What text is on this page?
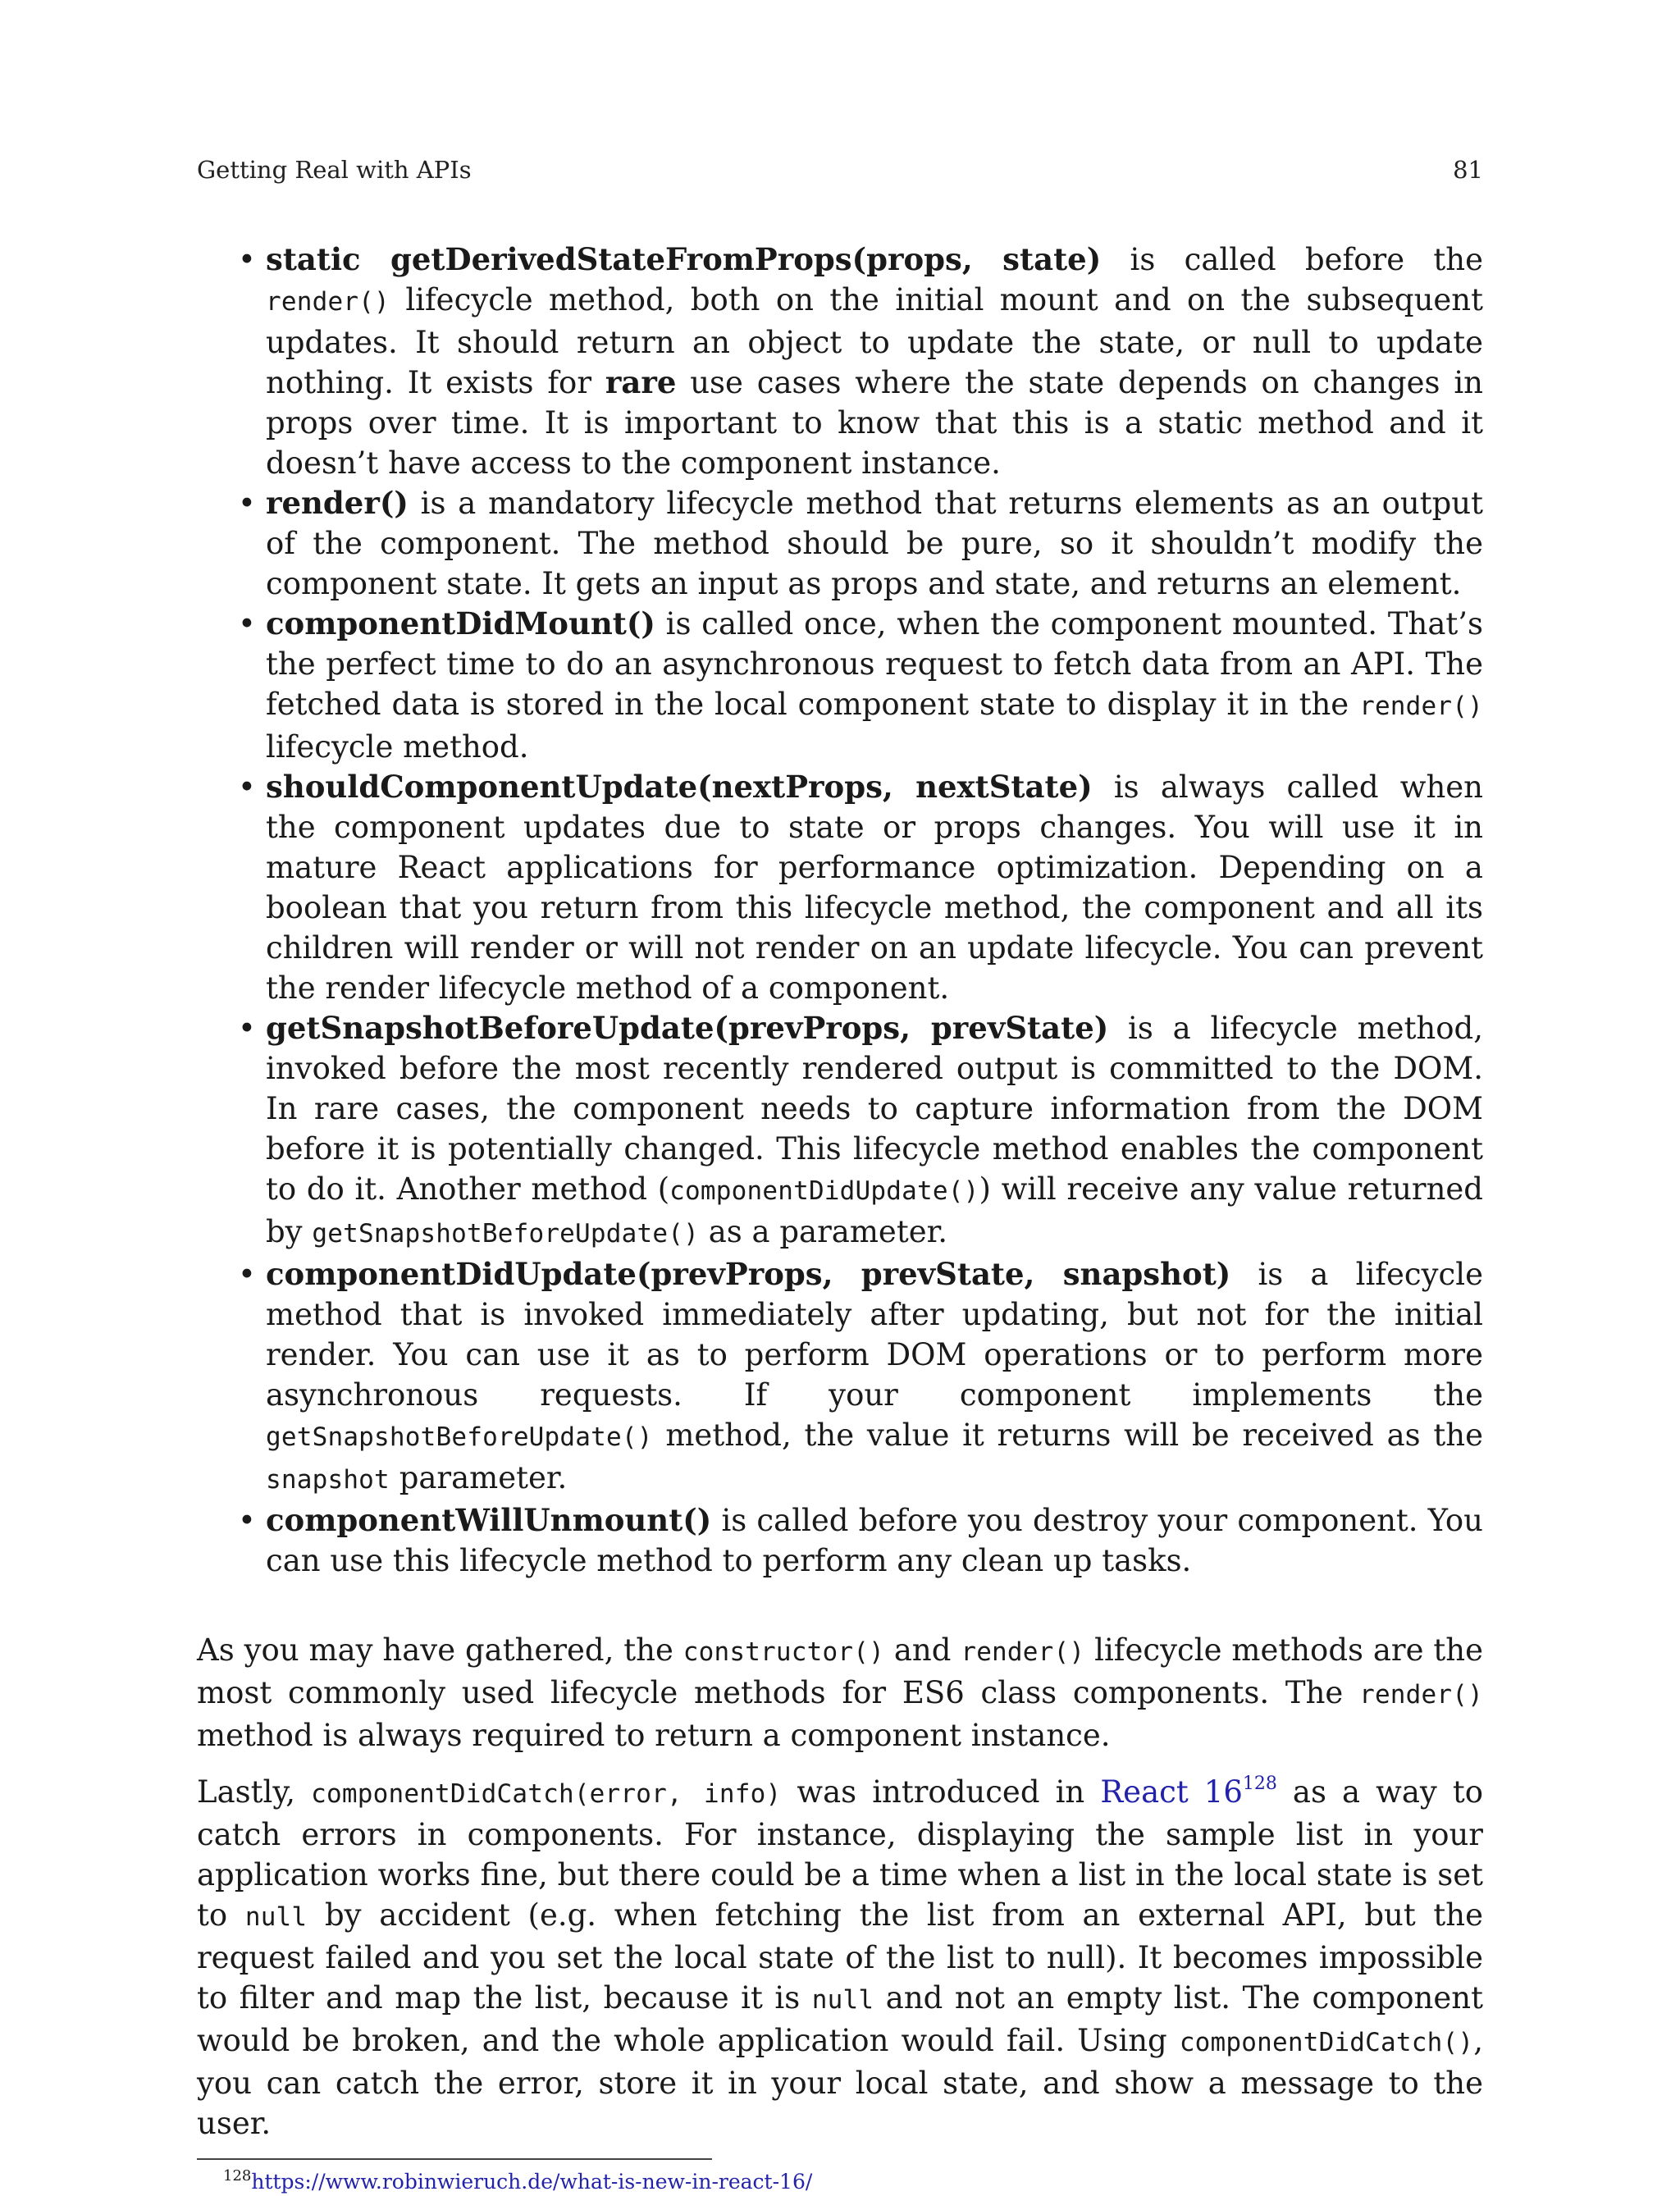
Getting Real with APIs	81
• static getDerivedStateFromProps(props, state) is called before the render() lifecycle method, both on the initial mount and on the subsequent updates. It should return an object to update the state, or null to update nothing. It exists for rare use cases where the state depends on changes in props over time. It is important to know that this is a static method and it doesn’t have access to the component instance.
• render() is a mandatory lifecycle method that returns elements as an output of the component. The method should be pure, so it shouldn’t modify the component state. It gets an input as props and state, and returns an element.
• componentDidMount() is called once, when the component mounted. That’s the perfect time to do an asynchronous request to fetch data from an API. The fetched data is stored in the local component state to display it in the render() lifecycle method.
• shouldComponentUpdate(nextProps, nextState) is always called when the component updates due to state or props changes. You will use it in mature React applications for performance optimization. Depending on a boolean that you return from this lifecycle method, the component and all its children will render or will not render on an update lifecycle. You can prevent the render lifecycle method of a component.
• getSnapshotBeforeUpdate(prevProps, prevState) is a lifecycle method, invoked before the most recently rendered output is committed to the DOM. In rare cases, the component needs to capture information from the DOM before it is potentially changed. This lifecycle method enables the component to do it. Another method (componentDidUpdate()) will receive any value returned by getSnapshotBeforeUpdate() as a parameter.
• componentDidUpdate(prevProps, prevState, snapshot) is a lifecycle method that is invoked immediately after updating, but not for the initial render. You can use it as to perform DOM operations or to perform more asynchronous requests. If your component implements the getSnapshotBeforeUpdate() method, the value it returns will be received as the snapshot parameter.
• componentWillUnmount() is called before you destroy your component. You can use this lifecycle method to perform any clean up tasks.

As you may have gathered, the constructor() and render() lifecycle methods are the most commonly used lifecycle methods for ES6 class components. The render() method is always required to return a component instance.

Lastly, componentDidCatch(error, info) was introduced in React 16$^{128}$ as a way to catch errors in components. For instance, displaying the sample list in your application works fine, but there could be a time when a list in the local state is set to null by accident (e.g. when fetching the list from an external API, but the request failed and you set the local state of the list to null). It becomes impossible to filter and map the list, because it is null and not an empty list. The component would be broken, and the whole application would fail. Using componentDidCatch(), you can catch the error, store it in your local state, and show a message to the user.

$^{128}$https://www.robinwieruch.de/what-is-new-in-react-16/
